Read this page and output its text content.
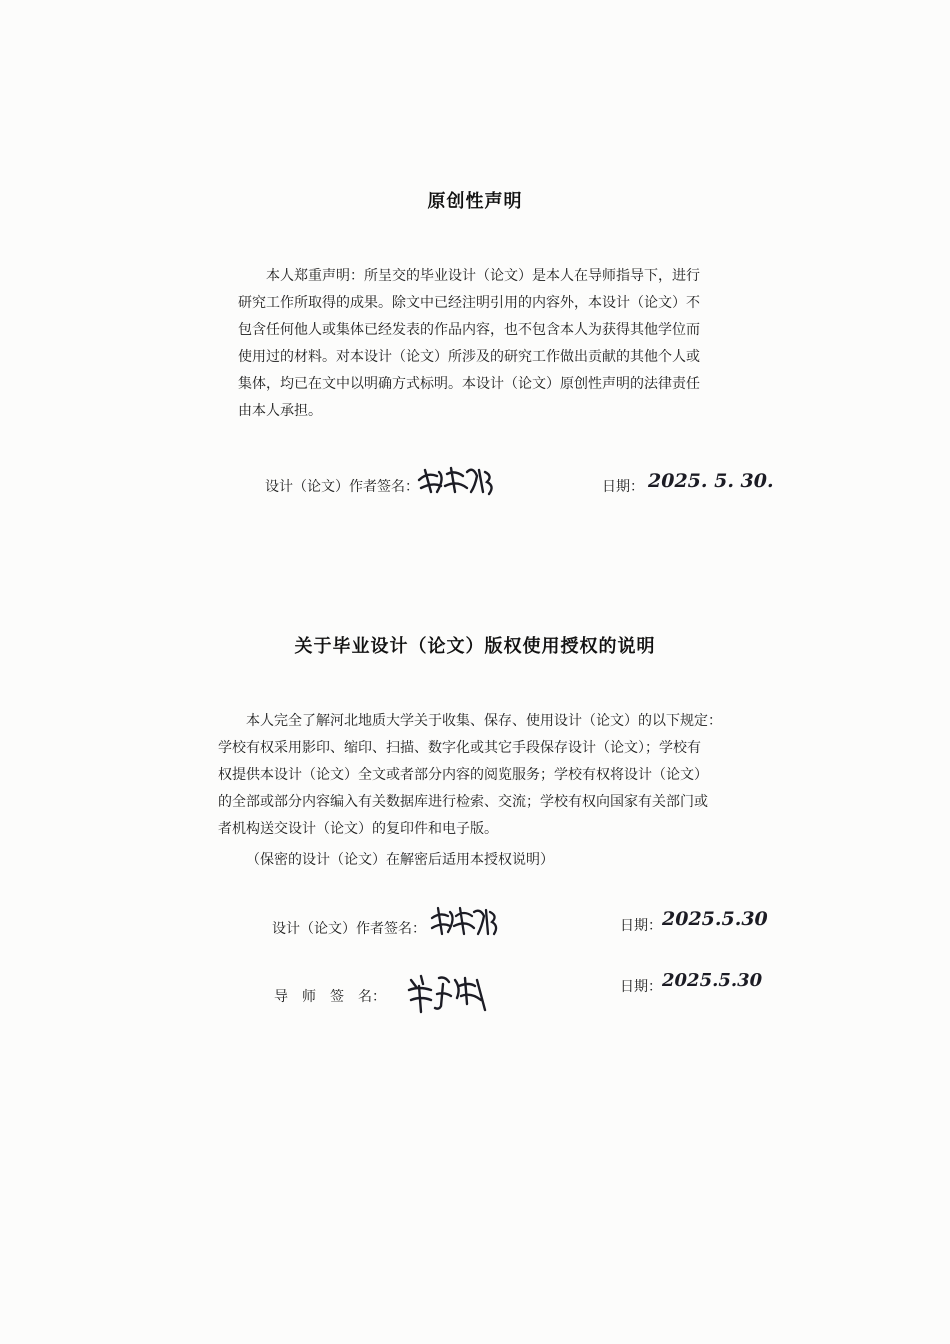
原创性声明
本人郑重声明：所呈交的毕业设计（论文）是本人在导师指导下，进行
研究工作所取得的成果。除文中已经注明引用的内容外，本设计（论文）不
包含任何他人或集体已经发表的作品内容，也不包含本人为获得其他学位而
使用过的材料。对本设计（论文）所涉及的研究工作做出贡献的其他个人或
集体，均已在文中以明确方式标明。本设计（论文）原创性声明的法律责任
由本人承担。
设计（论文）作者签名：	日期： 2025. 5. 30.
关于毕业设计（论文）版权使用授权的说明
本人完全了解河北地质大学关于收集、保存、使用设计（论文）的以下规定：
学校有权采用影印、缩印、扫描、数字化或其它手段保存设计（论文）；学校有
权提供本设计（论文）全文或者部分内容的阅览服务；学校有权将设计（论文）
的全部或部分内容编入有关数据库进行检索、交流；学校有权向国家有关部门或
者机构送交设计（论文）的复印件和电子版。
（保密的设计（论文）在解密后适用本授权说明）
设计（论文）作者签名：	日期： 2025.5.30
导　师　签　名：
日期： 2025.5.30
